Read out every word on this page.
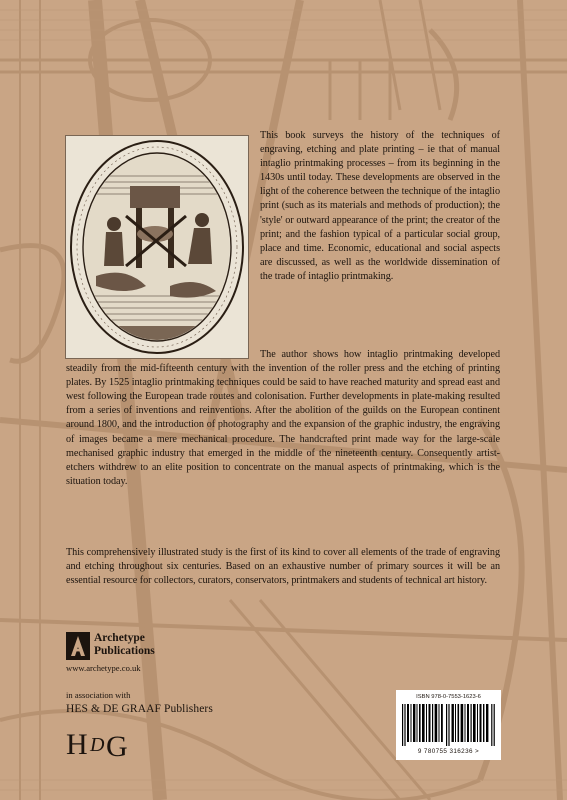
This book surveys the history of the techniques of engraving, etching and plate printing – ie that of manual intaglio printmaking processes – from its beginning in the 1430s until today. These developments are observed in the light of the coherence between the technique of the intaglio print (such as its materials and methods of production); the 'style' or outward appearance of the print; the creator of the print; and the fashion typical of a particular social group, place and time. Economic, educational and social aspects are discussed, as well as the worldwide dissemination of the trade of intaglio printmaking.

The author shows how intaglio printmaking developed steadily from the mid-fifteenth century with the invention of the roller press and the etching of printing plates. By 1525 intaglio printmaking techniques could be said to have reached maturity and spread east and west following the European trade routes and colonisation. Further developments in plate-making resulted from a series of inventions and reinventions. After the abolition of the guilds on the European continent around 1800, and the introduction of photography and the expansion of the graphic industry, the engraving of images became a mere mechanical procedure. The handcrafted print made way for the large-scale mechanised graphic industry that emerged in the middle of the nineteenth century. Consequently artist-etchers withdrew to an elite position to concentrate on the manual aspects of printmaking, which is the situation today.

This comprehensively illustrated study is the first of its kind to cover all elements of the trade of engraving and etching throughout six centuries. Based on an exhaustive number of primary sources it will be an essential resource for collectors, curators, conservators, printmakers and students of technical art history.

Archetype
Publications

www.archetype.co.uk

in association with

HES & DE GRAAF Publishers

H D G

ISBN 978-0-7553-1623-6

9 780755 316236 >
